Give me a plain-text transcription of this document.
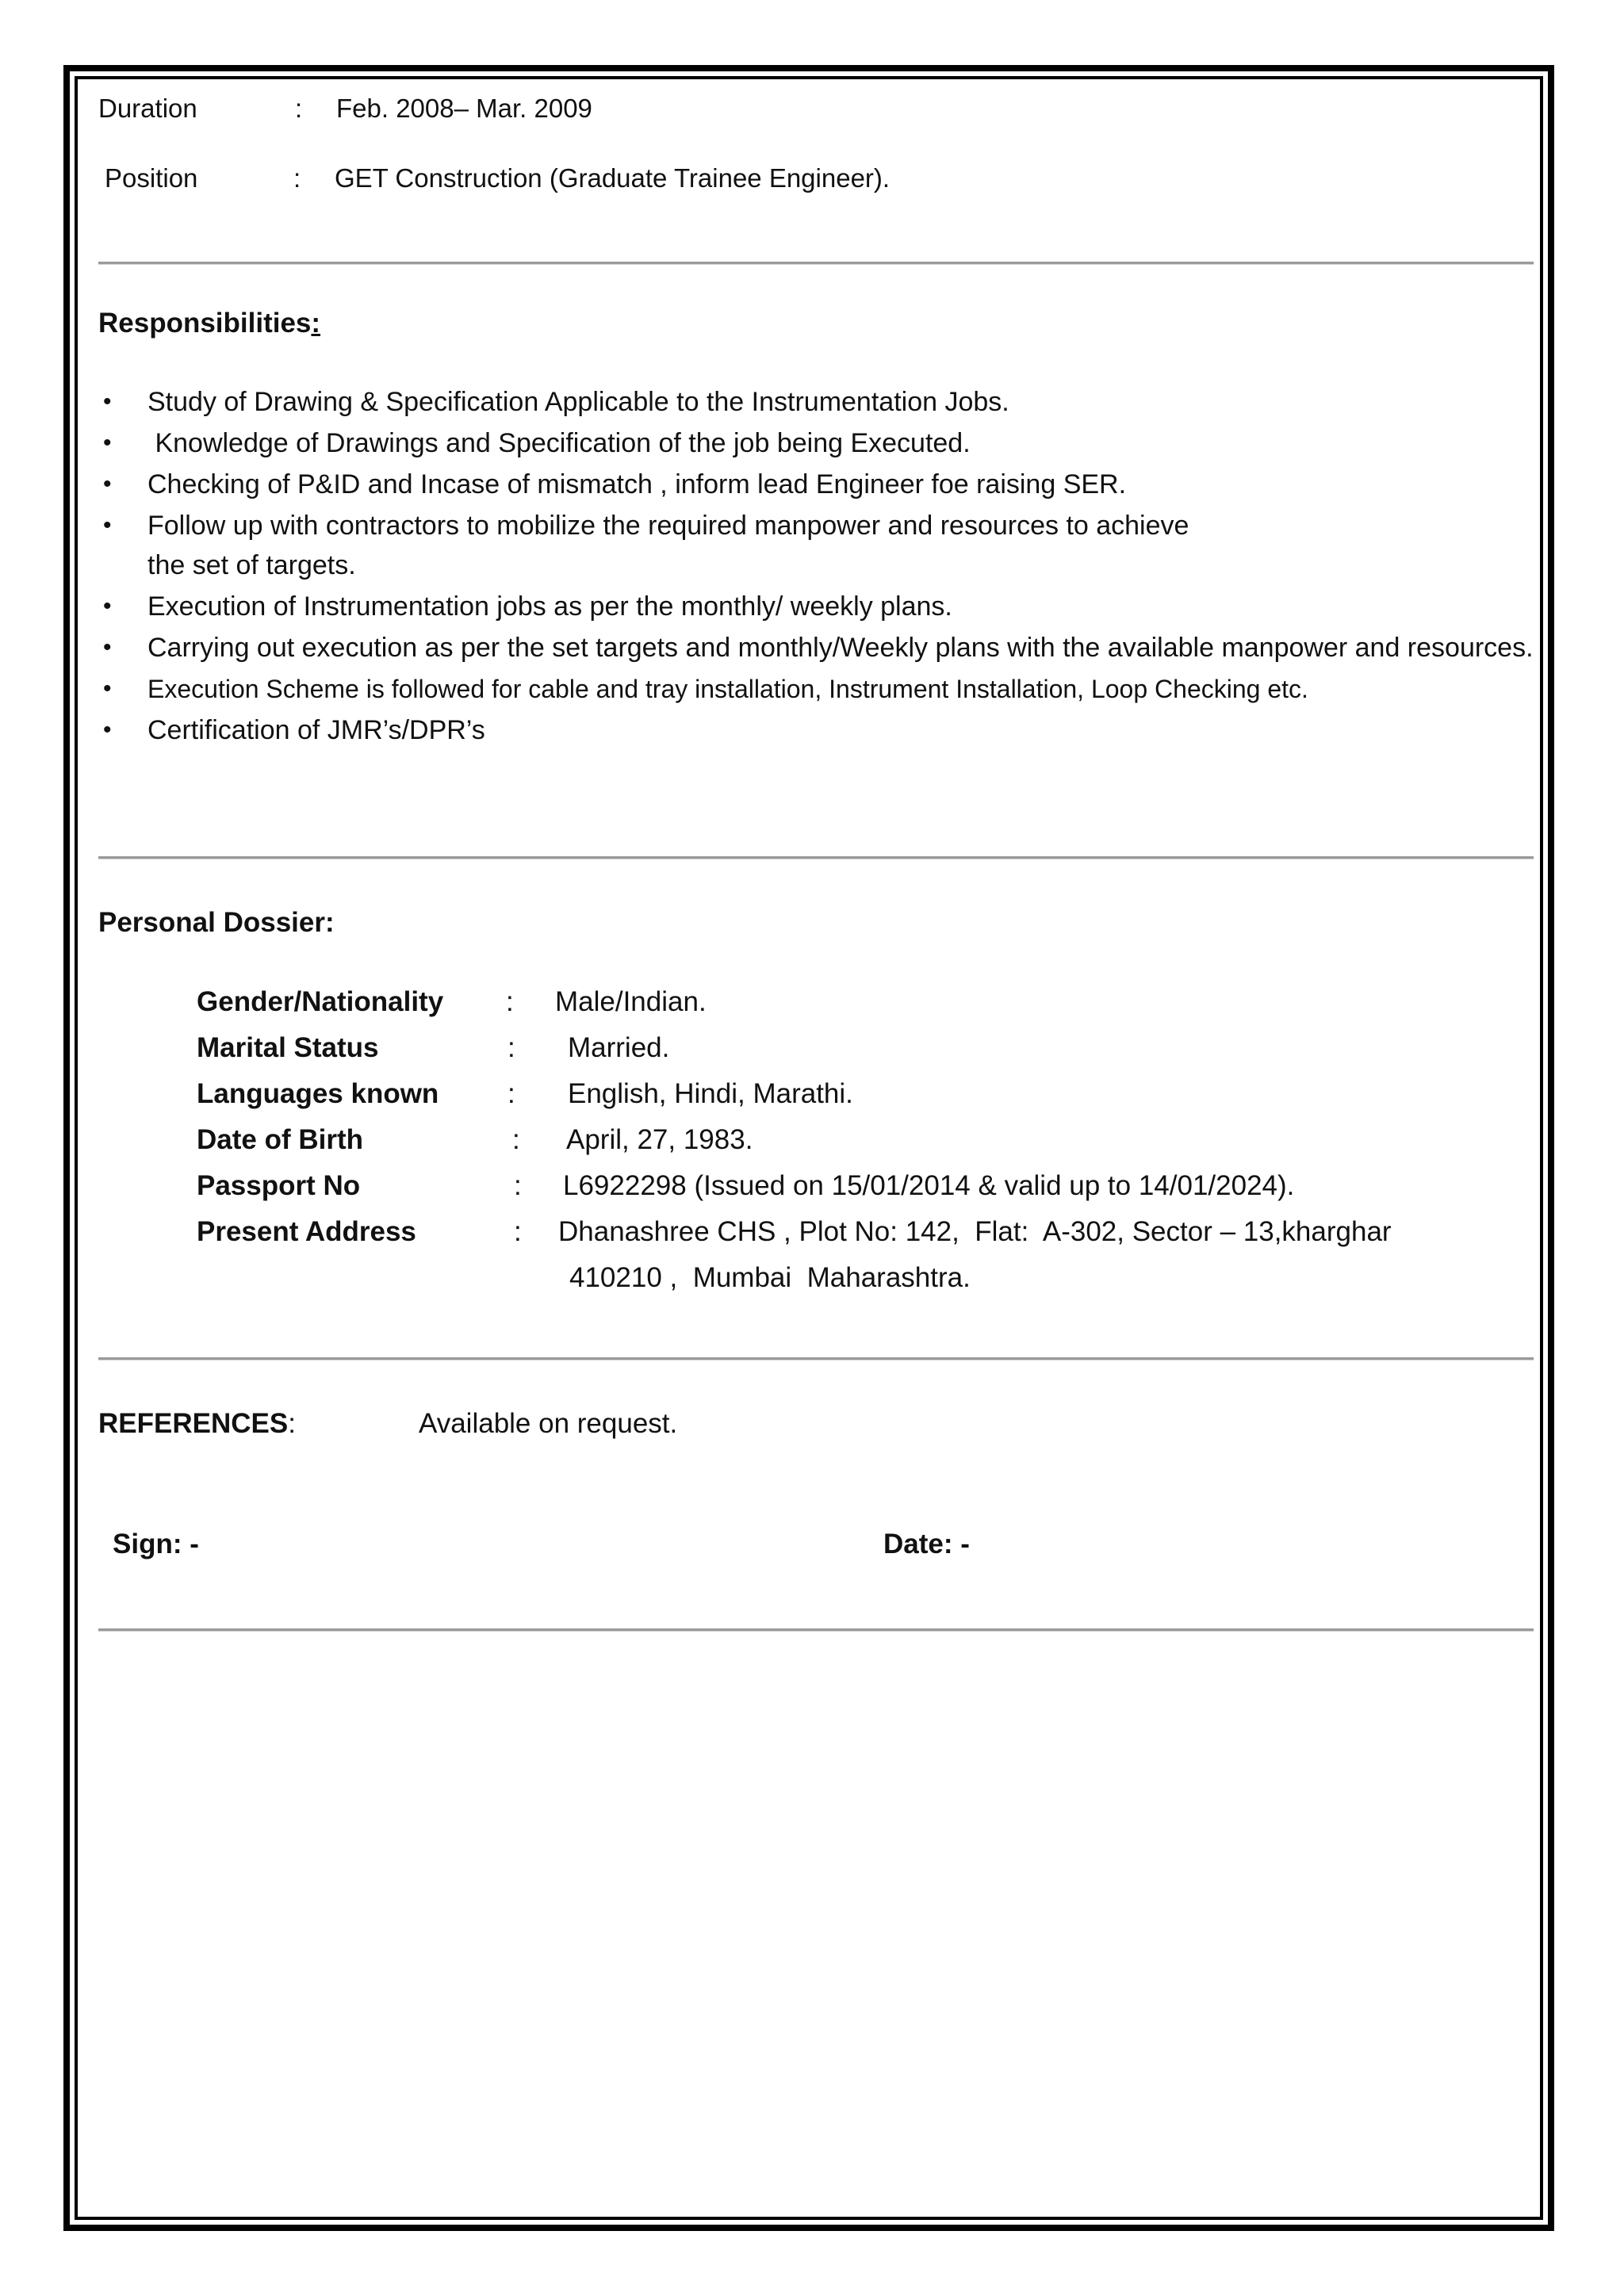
Duration	: Feb. 2008– Mar. 2009
Position	: GET Construction (Graduate Trainee Engineer).
Responsibilities:
• Study of Drawing & Specification Applicable to the Instrumentation Jobs.
• Knowledge of Drawings and Specification of the job being Executed.
• Checking of P&ID and Incase of mismatch , inform lead Engineer foe raising SER.
• Follow up with contractors to mobilize the required manpower and resources to achieve the set of targets.
• Execution of Instrumentation jobs as per the monthly/ weekly plans.
• Carrying out execution as per the set targets and monthly/Weekly plans with the available manpower and resources.
• Execution Scheme is followed for cable and tray installation, Instrument Installation, Loop Checking etc.
• Certification of JMR’s/DPR’s
Personal Dossier:
Gender/Nationality : Male/Indian.
Marital Status	: Married.
Languages known : English, Hindi, Marathi.
Date of Birth	: April, 27, 1983.
Passport No	: L6922298 (Issued on 15/01/2014 & valid up to 14/01/2024).
Present Address	: Dhanashree CHS , Plot No: 142,  Flat:  A-302, Sector – 13,kharghar
410210 ,  Mumbai  Maharashtra.
REFERENCES:	Available on request.
Sign: -	Date: -
